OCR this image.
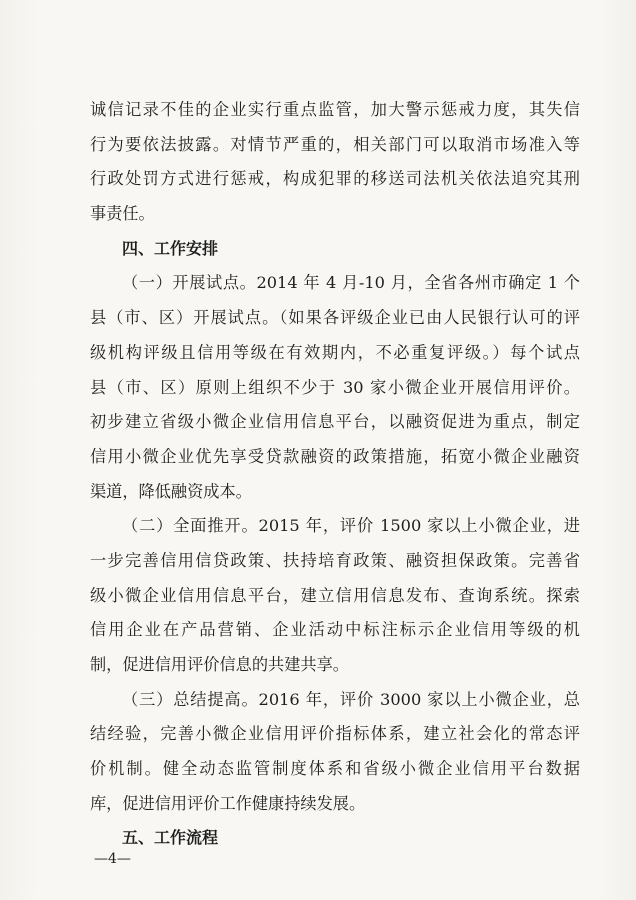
诚信记录不佳的企业实行重点监管，加大警示惩戒力度，其失信
行为要依法披露。对情节严重的，相关部门可以取消市场准入等
行政处罚方式进行惩戒，构成犯罪的移送司法机关依法追究其刑
事责任。
四、工作安排
（一）开展试点。2014 年 4 月-10 月，全省各州市确定 1 个
县（市、区）开展试点。（如果各评级企业已由人民银行认可的评
级机构评级且信用等级在有效期内，不必重复评级。）每个试点
县（市、区）原则上组织不少于 30 家小微企业开展信用评价。
初步建立省级小微企业信用信息平台，以融资促进为重点，制定
信用小微企业优先享受贷款融资的政策措施，拓宽小微企业融资
渠道，降低融资成本。
（二）全面推开。2015 年，评价 1500 家以上小微企业，进
一步完善信用信贷政策、扶持培育政策、融资担保政策。完善省
级小微企业信用信息平台，建立信用信息发布、查询系统。探索
信用企业在产品营销、企业活动中标注标示企业信用等级的机
制，促进信用评价信息的共建共享。
（三）总结提高。2016 年，评价 3000 家以上小微企业，总
结经验，完善小微企业信用评价指标体系，建立社会化的常态评
价机制。健全动态监管制度体系和省级小微企业信用平台数据
库，促进信用评价工作健康持续发展。
五、工作流程
—4—
